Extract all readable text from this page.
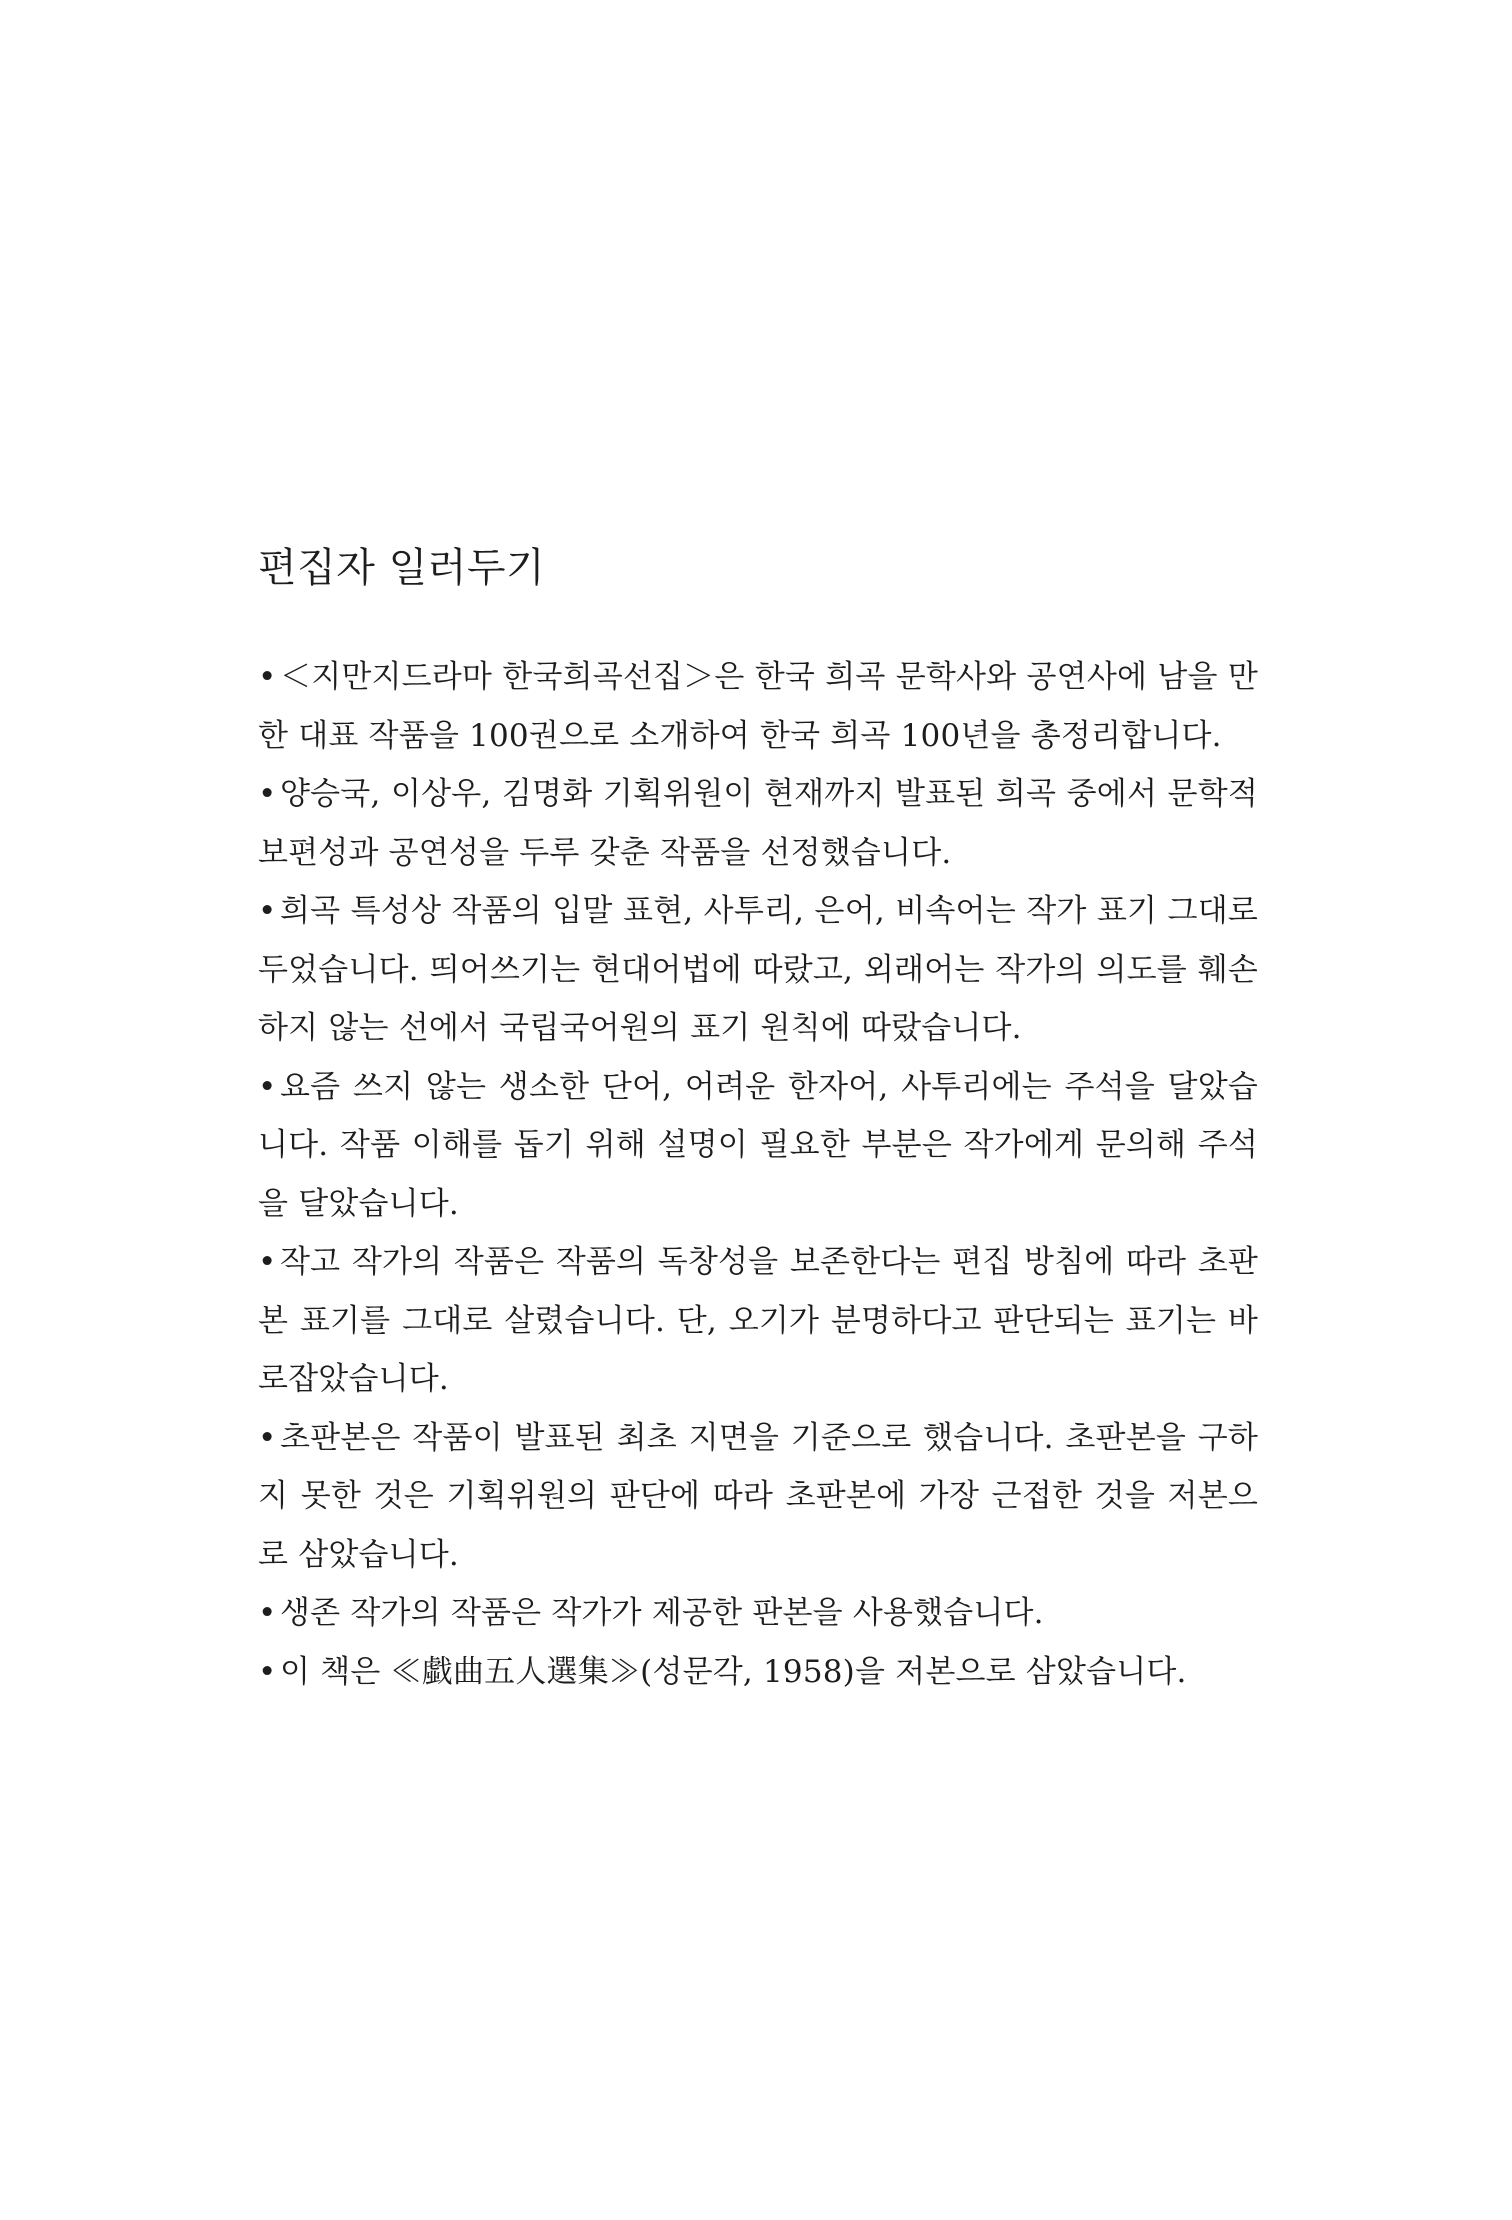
편집자 일러두기
• ＜지만지드라마 한국희곡선집＞은 한국 희곡 문학사와 공연사에 남을 만한 대표 작품을 100권으로 소개하여 한국 희곡 100년을 총정리합니다.
• 양승국, 이상우, 김명화 기획위원이 현재까지 발표된 희곡 중에서 문학적 보편성과 공연성을 두루 갖춘 작품을 선정했습니다.
• 희곡 특성상 작품의 입말 표현, 사투리, 은어, 비속어는 작가 표기 그대로 두었습니다. 띄어쓰기는 현대어법에 따랐고, 외래어는 작가의 의도를 훼손하지 않는 선에서 국립국어원의 표기 원칙에 따랐습니다.
• 요즘 쓰지 않는 생소한 단어, 어려운 한자어, 사투리에는 주석을 달았습니다. 작품 이해를 돕기 위해 설명이 필요한 부분은 작가에게 문의해 주석을 달았습니다.
• 작고 작가의 작품은 작품의 독창성을 보존한다는 편집 방침에 따라 초판본 표기를 그대로 살렸습니다. 단, 오기가 분명하다고 판단되는 표기는 바로잡았습니다.
• 초판본은 작품이 발표된 최초 지면을 기준으로 했습니다. 초판본을 구하지 못한 것은 기획위원의 판단에 따라 초판본에 가장 근접한 것을 저본으로 삼았습니다.
• 생존 작가의 작품은 작가가 제공한 판본을 사용했습니다.
• 이 책은 ≪戱曲五人選集≫(성문각, 1958)을 저본으로 삼았습니다.
